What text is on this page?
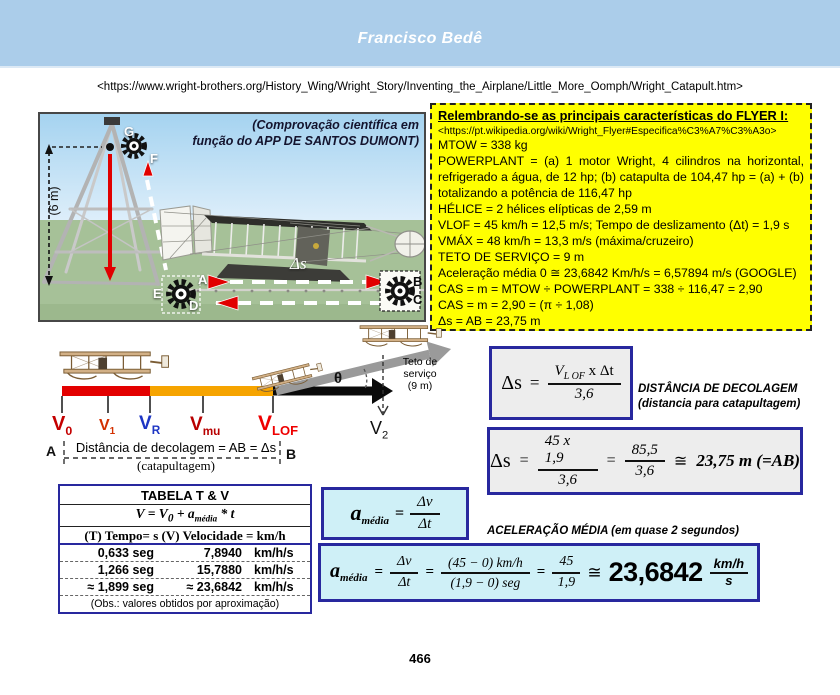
Francisco Bedê
<https://www.wright-brothers.org/History_Wing/Wright_Story/Inventing_the_Airplane/Little_More_Oomph/Wright_Catapult.htm>
(Comprovação científica em
função do APP DE SANTOS DUMONT)
(6 m)
G
F
A	B
C
D
E
Δs
Relembrando-se as principais características do FLYER I:
<https://pt.wikipedia.org/wiki/Wright_Flyer#Especifica%C3%A7%C3%A3o>
MTOW = 338 kg
POWERPLANT = (a) 1 motor Wright, 4 cilindros na horizontal, refrigerado a água, de 12 hp; (b) catapulta de 104,47 hp = (a) + (b) totalizando a potência de 116,47 hp
HÉLICE = 2 hélices elípticas de 2,59 m
VLOF = 45 km/h = 12,5 m/s; Tempo de deslizamento (Δt) = 1,9 s
VMÁX = 48 km/h = 13,3 m/s (máxima/cruzeiro)
TETO DE SERVIÇO = 9 m
Aceleração média 0 ≅ 23,6842 Km/h/s = 6,57894 m/s (GOOGLE)
CAS = m = MTOW ÷ POWERPLANT = 338 ÷ 116,47 = 2,90
CAS = m = 2,90 = (π ÷ 1,08)
Δs = AB = 23,75 m
$V_0$ $V_1$ $V_R$ $V_{mu}$ $V_{LOF}$	$V_2$
θ
Teto de
serviço
(9 m)
A	B
Distância de decolagem = AB = Δs
(catapultagem)
$\Delta s = \frac{V_{L OF} x \Delta t}{3,6}$ DISTÂNCIA DE DECOLAGEM
(distancia para catapultagem)
$\Delta s = \frac{45 x 1,9}{3,6} = \frac{85,5}{3,6}$ ≅ 23,75 m (=AB)
TABELA T & V
$V = V_0 + a_{média} * t$
(T) Tempo= s (V) Velocidade = km/h
0,633 seg	7,8940 km/h/s
1,266 seg	15,7880 km/h/s
≈ 1,899 seg	≈ 23,6842 km/h/s
(Obs.: valores obtidos por aproximação)
$a_{média} = \frac{\Delta v}{\Delta t}$	ACELERAÇÃO MÉDIA (em quase 2 segundos)
$a_{média} = \frac{\Delta v}{\Delta t} = \frac{(45 - 0) km/h}{\text{(1,9 − 0) seg}} = \frac{45}{1,9}$ ≅ 23,6842 km/h
s
466
